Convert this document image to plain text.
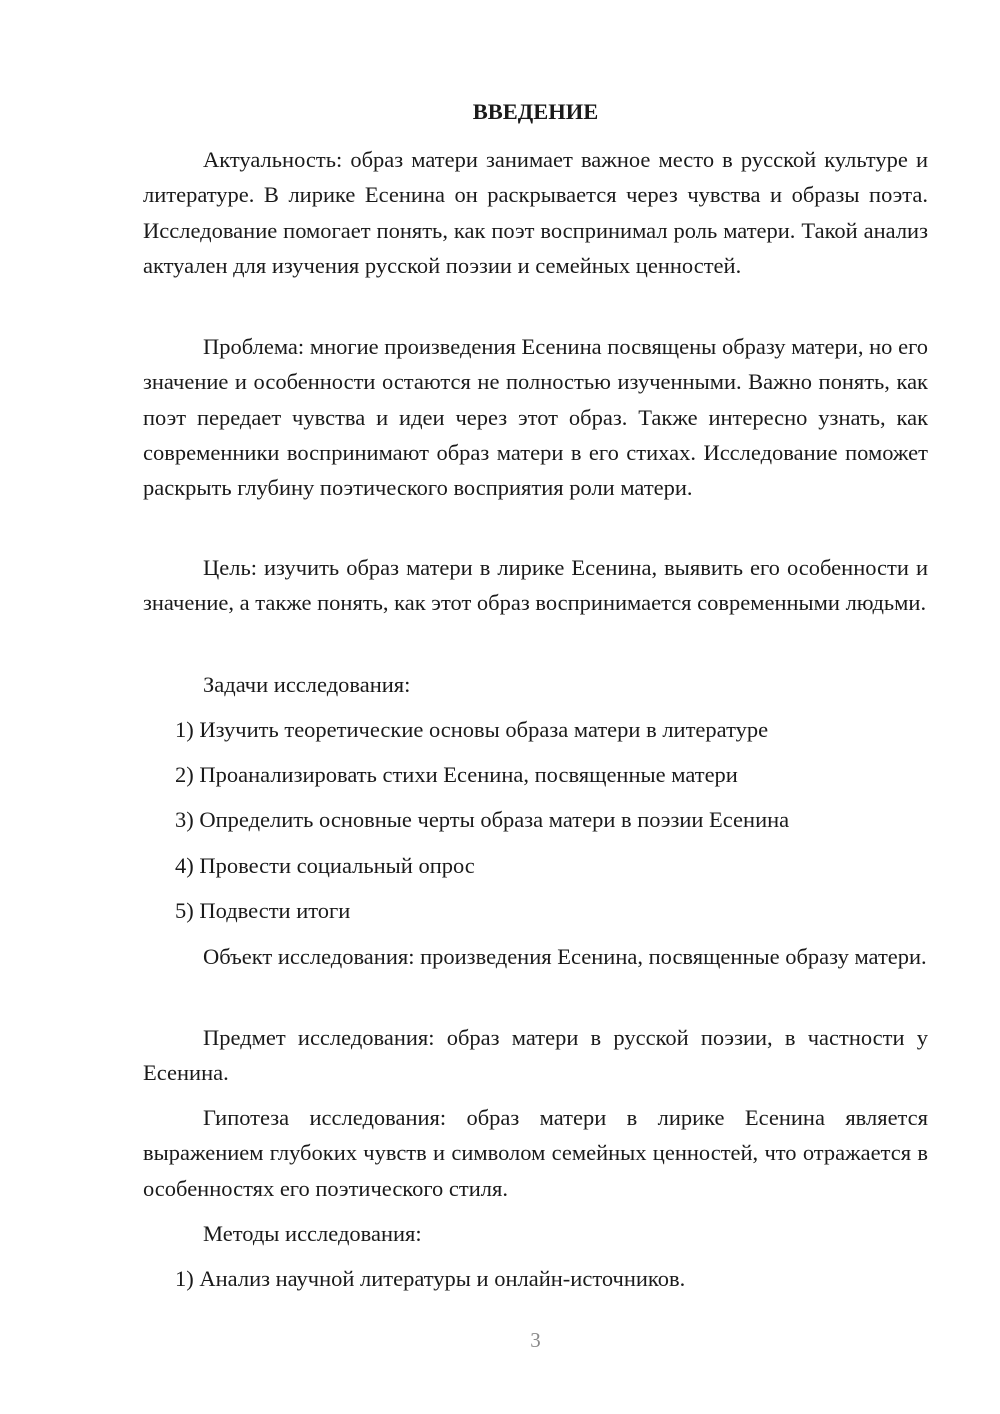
ВВЕДЕНИЕ

Актуальность: образ матери занимает важное место в русской культуре и литературе. В лирике Есенина он раскрывается через чувства и образы поэта. Исследование помогает понять, как поэт воспринимал роль матери. Такой анализ актуален для изучения русской поэзии и семейных ценностей.

Проблема: многие произведения Есенина посвящены образу матери, но его значение и особенности остаются не полностью изученными. Важно понять, как поэт передает чувства и идеи через этот образ. Также интересно узнать, как современники воспринимают образ матери в его стихах. Исследование поможет раскрыть глубину поэтического восприятия роли матери.

Цель: изучить образ матери в лирике Есенина, выявить его особенности и значение, а также понять, как этот образ воспринимается современными людьми.

Задачи исследования:

1) Изучить теоретические основы образа матери в литературе

2) Проанализировать стихи Есенина, посвященные матери

3) Определить основные черты образа матери в поэзии Есенина

4) Провести социальный опрос

5) Подвести итоги

Объект исследования: произведения Есенина, посвященные образу матери.

Предмет исследования: образ матери в русской поэзии, в частности у Есенина.

Гипотеза исследования: образ матери в лирике Есенина является выражением глубоких чувств и символом семейных ценностей, что отражается в особенностях его поэтического стиля.

Методы исследования:

1) Анализ научной литературы и онлайн-источников.

3
